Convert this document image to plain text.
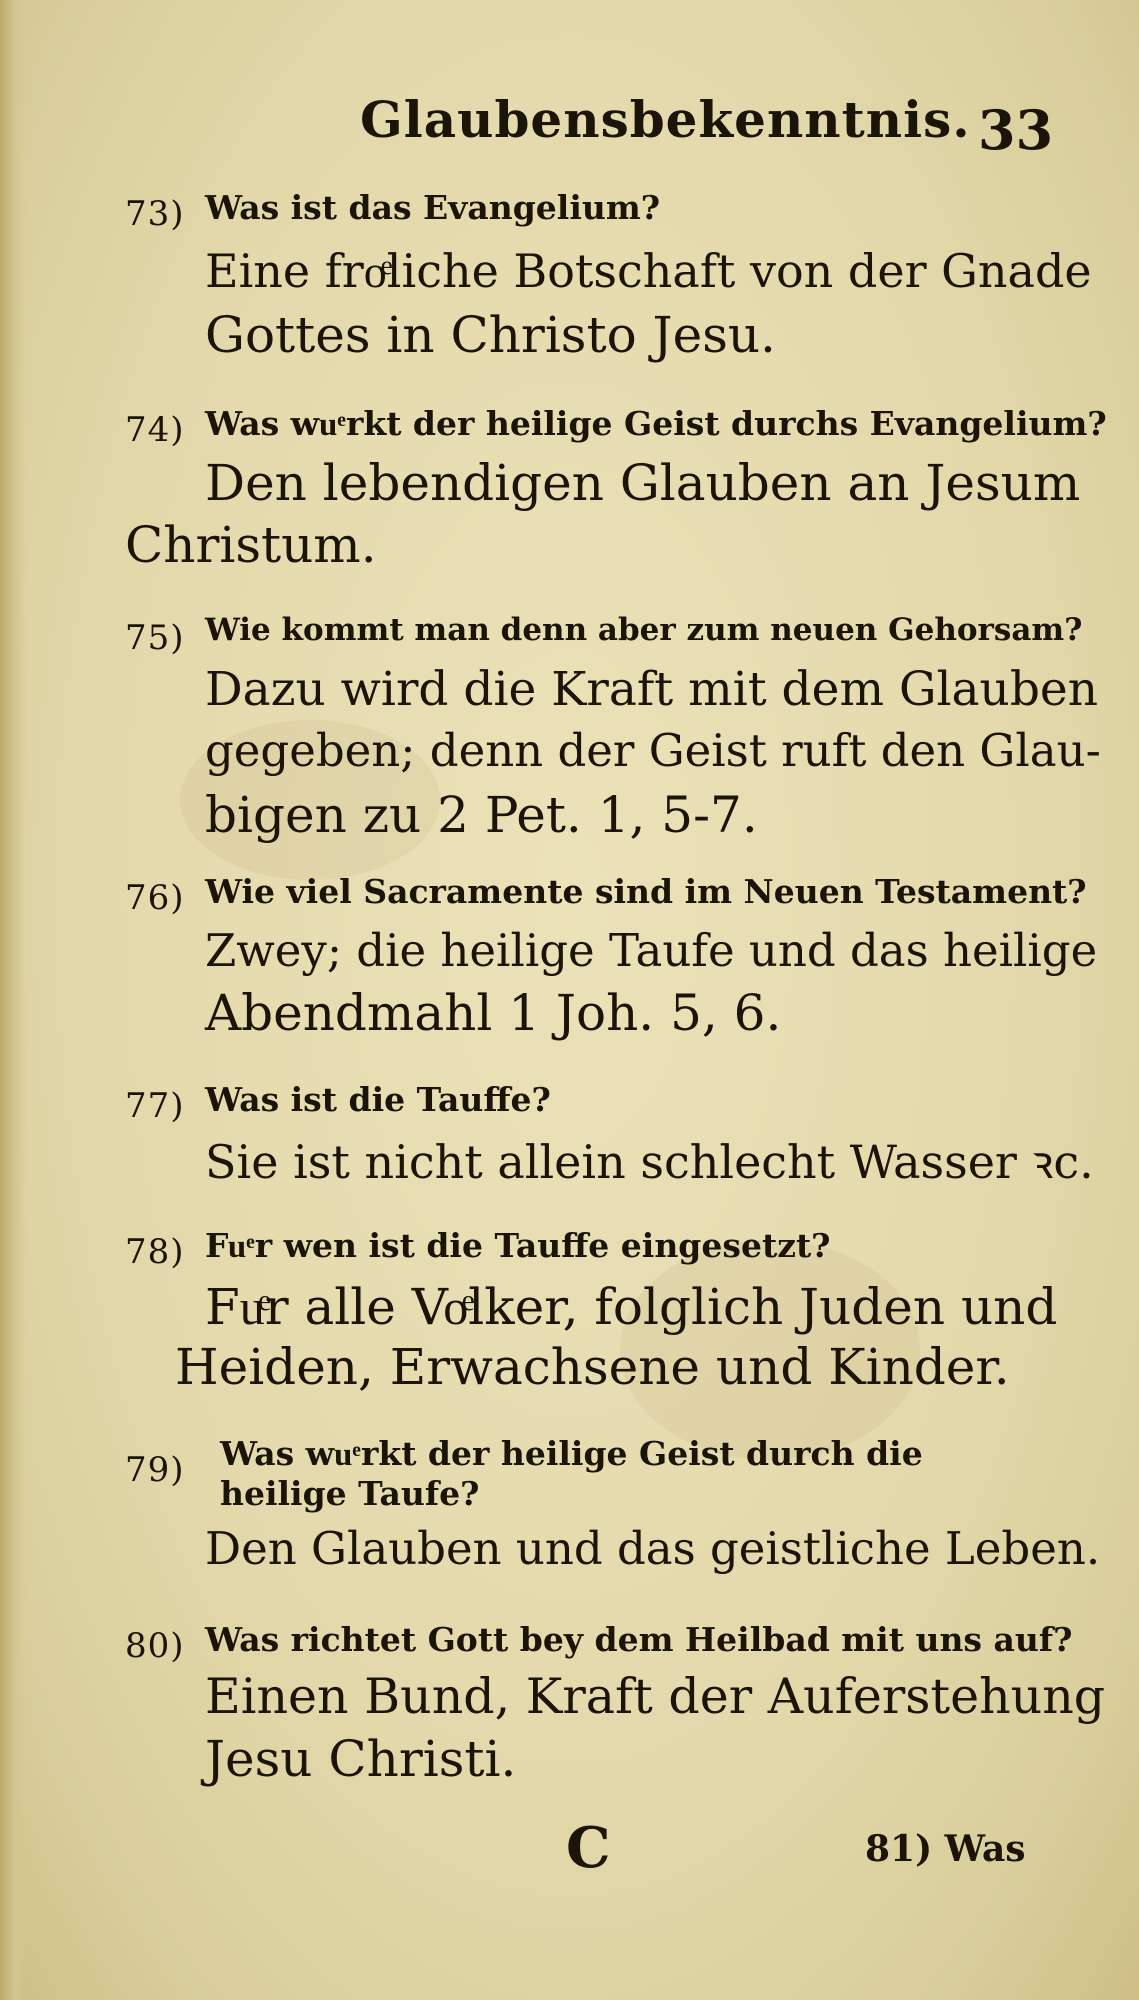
Glaubensbekenntnis. 33
73) Was ist das Evangelium?
Eine froͤliche Botschaft von der Gnade
Gottes in Christo Jesu.
74) Was wuͤrkt der heilige Geist durchs Evangelium?
Den lebendigen Glauben an Jesum
Christum.
75) Wie kommt man denn aber zum neuen Gehorsam?
Dazu wird die Kraft mit dem Glauben
gegeben; denn der Geist ruft den Glau-
bigen zu 2 Pet. 1, 5-7.
76) Wie viel Sacramente sind im Neuen Testament?
Zwey; die heilige Taufe und das heilige
Abendmahl 1 Joh. 5, 6.
77) Was ist die Tauffe?
Sie ist nicht allein schlecht Wasser ꝛc.
78) Fuͤr wen ist die Tauffe eingesetzt?
Fuͤr alle Voͤlker, folglich Juden und
Heiden, Erwachsene und Kinder.
79) Was wuͤrkt der heilige Geist durch die heilige Taufe?
Den Glauben und das geistliche Leben.
80) Was richtet Gott bey dem Heilbad mit uns auf?
Einen Bund, Kraft der Auferstehung
Jesu Christi.
C	81) Was
